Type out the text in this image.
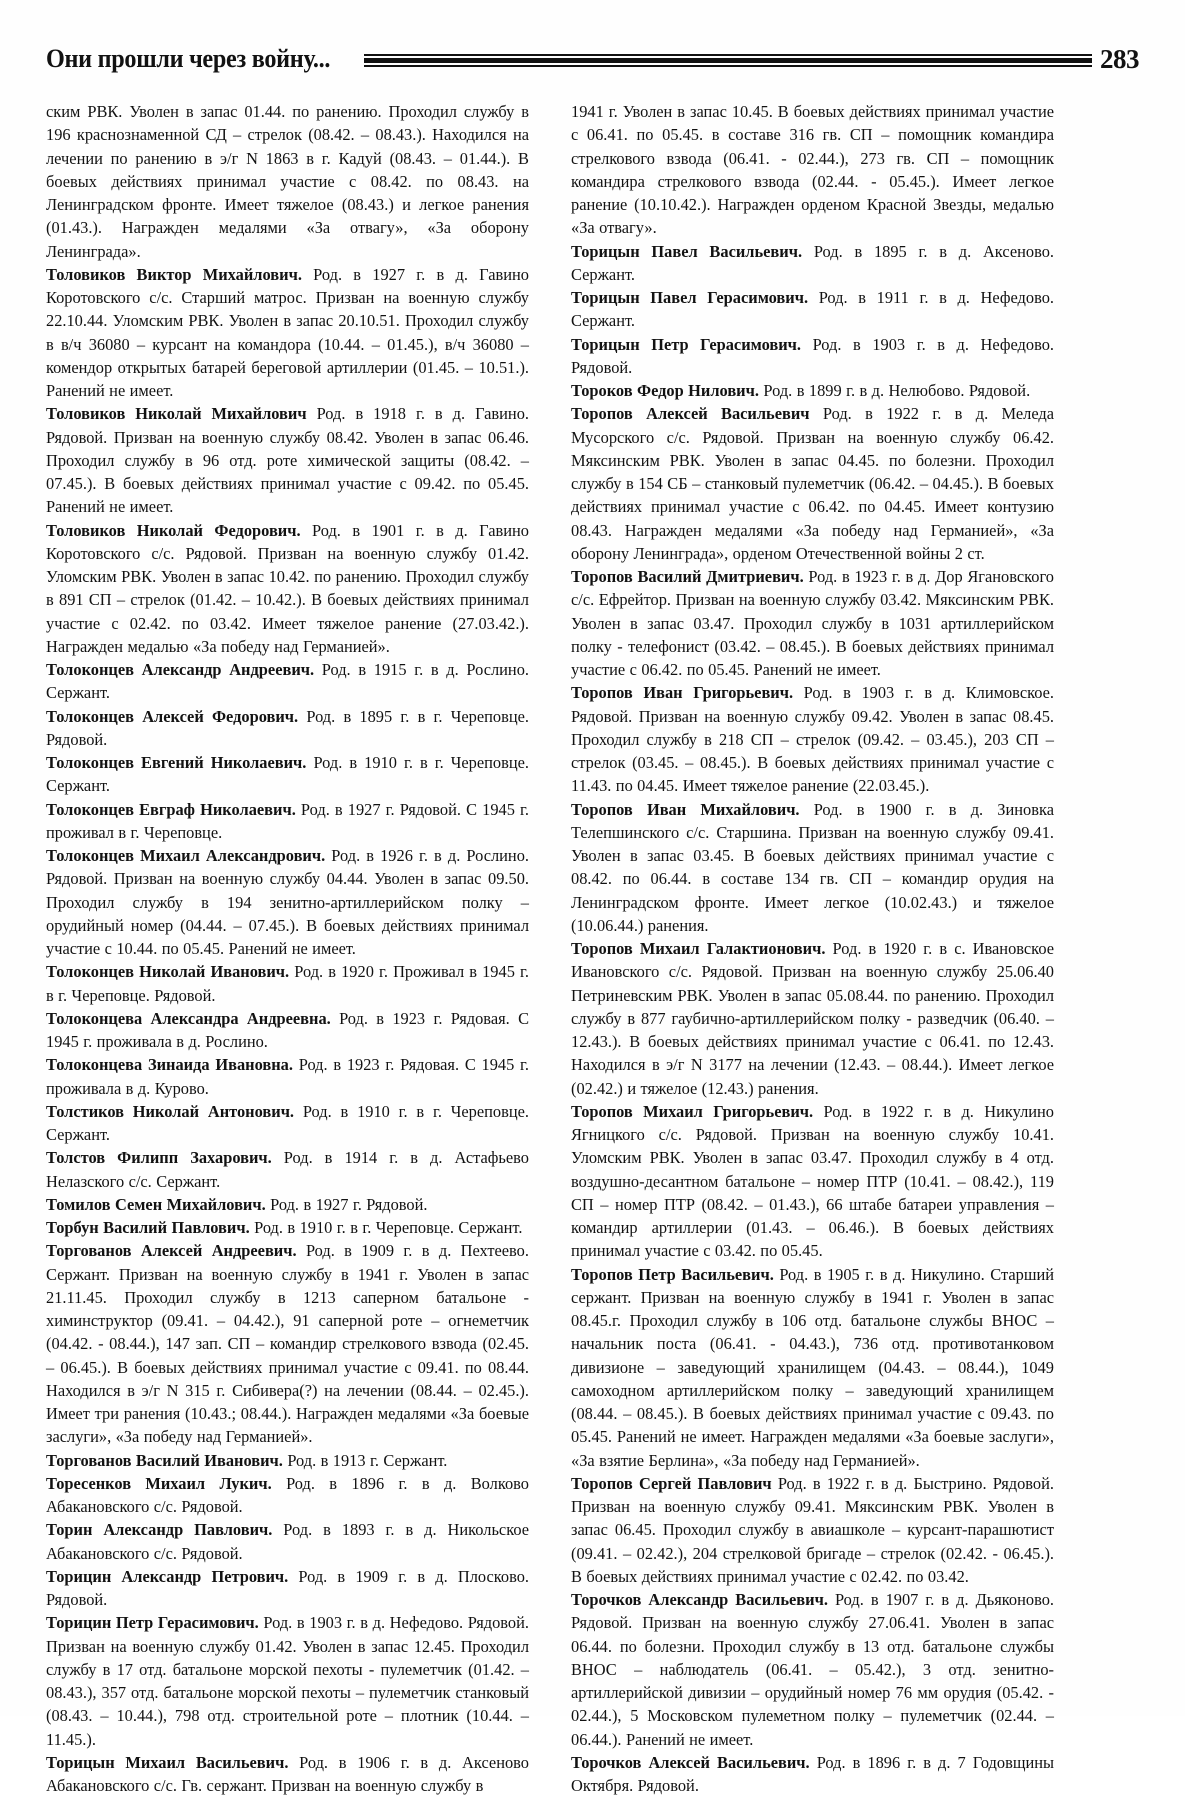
Они прошли через войну...	283

ским РВК. Уволен в запас 01.44. по ранению. Проходил службу в 196 краснознаменной СД – стрелок (08.42. – 08.43.). Находился на лечении по ранению в э/г N 1863 в г. Кадуй (08.43. – 01.44.). В боевых действиях принимал участие с 08.42. по 08.43. на Ленинградском фронте. Имеет тяжелое (08.43.) и легкое ранения (01.43.). Награжден медалями «За отвагу», «За оборону Ленинграда».

Толовиков Виктор Михайлович. Род. в 1927 г. в д. Гавино Коротовского с/с. Старший матрос. Призван на военную службу 22.10.44. Уломским РВК. Уволен в запас 20.10.51. Проходил службу в в/ч 36080 – курсант на командора (10.44. – 01.45.), в/ч 36080 – комендор открытых батарей береговой артиллерии (01.45. – 10.51.). Ранений не имеет.

Толовиков Николай Михайлович Род. в 1918 г. в д. Гавино. Рядовой. Призван на военную службу 08.42. Уволен в запас 06.46. Проходил службу в 96 отд. роте химической защиты (08.42. – 07.45.). В боевых действиях принимал участие с 09.42. по 05.45. Ранений не имеет.

Толовиков Николай Федорович. Род. в 1901 г. в д. Гавино Коротовского с/с. Рядовой. Призван на военную службу 01.42. Уломским РВК. Уволен в запас 10.42. по ранению. Проходил службу в 891 СП – стрелок (01.42. – 10.42.). В боевых действиях принимал участие с 02.42. по 03.42. Имеет тяжелое ранение (27.03.42.). Награжден медалью «За победу над Германией».

Толоконцев Александр Андреевич. Род. в 1915 г. в д. Рослино. Сержант.

Толоконцев Алексей Федорович. Род. в 1895 г. в г. Череповце. Рядовой.

Толоконцев Евгений Николаевич. Род. в 1910 г. в г. Череповце. Сержант.

Толоконцев Евграф Николаевич. Род. в 1927 г. Рядовой. С 1945 г. проживал в г. Череповце.

Толоконцев Михаил Александрович. Род. в 1926 г. в д. Рослино. Рядовой. Призван на военную службу 04.44. Уволен в запас 09.50. Проходил службу в 194 зенитно-артиллерийском полку – орудийный номер (04.44. – 07.45.). В боевых действиях принимал участие с 10.44. по 05.45. Ранений не имеет.

Толоконцев Николай Иванович. Род. в 1920 г. Проживал в 1945 г. в г. Череповце. Рядовой.

Толоконцева Александра Андреевна. Род. в 1923 г. Рядовая. С 1945 г. проживала в д. Рослино.

Толоконцева Зинаида Ивановна. Род. в 1923 г. Рядовая. С 1945 г. проживала в д. Курово.

Толстиков Николай Антонович. Род. в 1910 г. в г. Череповце. Сержант.

Толстов Филипп Захарович. Род. в 1914 г. в д. Астафьево Нелазского с/с. Сержант.

Томилов Семен Михайлович. Род. в 1927 г. Рядовой.

Торбун Василий Павлович. Род. в 1910 г. в г. Череповце. Сержант.

Торгованов Алексей Андреевич. Род. в 1909 г. в д. Пехтеево. Сержант. Призван на военную службу в 1941 г. Уволен в запас 21.11.45. Проходил службу в 1213 саперном батальоне - химинструктор (09.41. – 04.42.), 91 саперной роте – огнеметчик (04.42. - 08.44.), 147 зап. СП – командир стрелкового взвода (02.45. – 06.45.). В боевых действиях принимал участие с 09.41. по 08.44. Находился в э/г N 315 г. Сибивера(?) на лечении (08.44. – 02.45.). Имеет три ранения (10.43.; 08.44.). Награжден медалями «За боевые заслуги», «За победу над Германией».

Торгованов Василий Иванович. Род. в 1913 г. Сержант.

Торесенков Михаил Лукич. Род. в 1896 г. в д. Волково Абакановского с/с. Рядовой.

Торин Александр Павлович. Род. в 1893 г. в д. Никольское Абакановского с/с. Рядовой.

Торицин Александр Петрович. Род. в 1909 г. в д. Плосково. Рядовой.

Торицин Петр Герасимович. Род. в 1903 г. в д. Нефедово. Рядовой. Призван на военную службу 01.42. Уволен в запас 12.45. Проходил службу в 17 отд. батальоне морской пехоты - пулеметчик (01.42. – 08.43.), 357 отд. батальоне морской пехоты – пулеметчик станковый (08.43. – 10.44.), 798 отд. строительной роте – плотник (10.44. – 11.45.).

Торицын Михаил Васильевич. Род. в 1906 г. в д. Аксеново Абакановского с/с. Гв. сержант. Призван на военную службу в

1941 г. Уволен в запас 10.45. В боевых действиях принимал участие с 06.41. по 05.45. в составе 316 гв. СП – помощник командира стрелкового взвода (06.41. - 02.44.), 273 гв. СП – помощник командира стрелкового взвода (02.44. - 05.45.). Имеет легкое ранение (10.10.42.). Награжден орденом Красной Звезды, медалью «За отвагу».

Торицын Павел Васильевич. Род. в 1895 г. в д. Аксеново. Сержант.

Торицын Павел Герасимович. Род. в 1911 г. в д. Нефедово. Сержант.

Торицын Петр Герасимович. Род. в 1903 г. в д. Нефедово. Рядовой.

Тороков Федор Нилович. Род. в 1899 г. в д. Нелюбово. Рядовой.

Торопов Алексей Васильевич Род. в 1922 г. в д. Меледа Мусорского с/с. Рядовой. Призван на военную службу 06.42. Мяксинским РВК. Уволен в запас 04.45. по болезни. Проходил службу в 154 СБ – станковый пулеметчик (06.42. – 04.45.). В боевых действиях принимал участие с 06.42. по 04.45. Имеет контузию 08.43. Награжден медалями «За победу над Германией», «За оборону Ленинграда», орденом Отечественной войны 2 ст.

Торопов Василий Дмитриевич. Род. в 1923 г. в д. Дор Ягановского с/с. Ефрейтор. Призван на военную службу 03.42. Мяксинским РВК. Уволен в запас 03.47. Проходил службу в 1031 артиллерийском полку - телефонист (03.42. – 08.45.). В боевых действиях принимал участие с 06.42. по 05.45. Ранений не имеет.

Торопов Иван Григорьевич. Род. в 1903 г. в д. Климовское. Рядовой. Призван на военную службу 09.42. Уволен в запас 08.45. Проходил службу в 218 СП – стрелок (09.42. – 03.45.), 203 СП – стрелок (03.45. – 08.45.). В боевых действиях принимал участие с 11.43. по 04.45. Имеет тяжелое ранение (22.03.45.).

Торопов Иван Михайлович. Род. в 1900 г. в д. Зиновка Телепшинского с/с. Старшина. Призван на военную службу 09.41. Уволен в запас 03.45. В боевых действиях принимал участие с 08.42. по 06.44. в составе 134 гв. СП – командир орудия на Ленинградском фронте. Имеет легкое (10.02.43.) и тяжелое (10.06.44.) ранения.

Торопов Михаил Галактионович. Род. в 1920 г. в с. Ивановское Ивановского с/с. Рядовой. Призван на военную службу 25.06.40 Петриневским РВК. Уволен в запас 05.08.44. по ранению. Проходил службу в 877 гаубично-артиллерийском полку - разведчик (06.40. – 12.43.). В боевых действиях принимал участие с 06.41. по 12.43. Находился в э/г N 3177 на лечении (12.43. – 08.44.). Имеет легкое (02.42.) и тяжелое (12.43.) ранения.

Торопов Михаил Григорьевич. Род. в 1922 г. в д. Никулино Ягницкого с/с. Рядовой. Призван на военную службу 10.41. Уломским РВК. Уволен в запас 03.47. Проходил службу в 4 отд. воздушно-десантном батальоне – номер ПТР (10.41. – 08.42.), 119 СП – номер ПТР (08.42. – 01.43.), 66 штабе батареи управления – командир артиллерии (01.43. – 06.46.). В боевых действиях принимал участие с 03.42. по 05.45.

Торопов Петр Васильевич. Род. в 1905 г. в д. Никулино. Старший сержант. Призван на военную службу в 1941 г. Уволен в запас 08.45.г. Проходил службу в 106 отд. батальоне службы ВНОС – начальник поста (06.41. - 04.43.), 736 отд. противотанковом дивизионе – заведующий хранилищем (04.43. – 08.44.), 1049 самоходном артиллерийском полку – заведующий хранилищем (08.44. – 08.45.). В боевых действиях принимал участие с 09.43. по 05.45. Ранений не имеет. Награжден медалями «За боевые заслуги», «За взятие Берлина», «За победу над Германией».

Торопов Сергей Павлович Род. в 1922 г. в д. Быстрино. Рядовой. Призван на военную службу 09.41. Мяксинским РВК. Уволен в запас 06.45. Проходил службу в авиашколе – курсант-парашютист (09.41. – 02.42.), 204 стрелковой бригаде – стрелок (02.42. - 06.45.). В боевых действиях принимал участие с 02.42. по 03.42.

Торочков Александр Васильевич. Род. в 1907 г. в д. Дьяконово. Рядовой. Призван на военную службу 27.06.41. Уволен в запас 06.44. по болезни. Проходил службу в 13 отд. батальоне службы ВНОС – наблюдатель (06.41. – 05.42.), 3 отд. зенитно-артиллерийской дивизии – орудийный номер 76 мм орудия (05.42. - 02.44.), 5 Московском пулеметном полку – пулеметчик (02.44. – 06.44.). Ранений не имеет.

Торочков Алексей Васильевич. Род. в 1896 г. в д. 7 Годовщины Октября. Рядовой.
